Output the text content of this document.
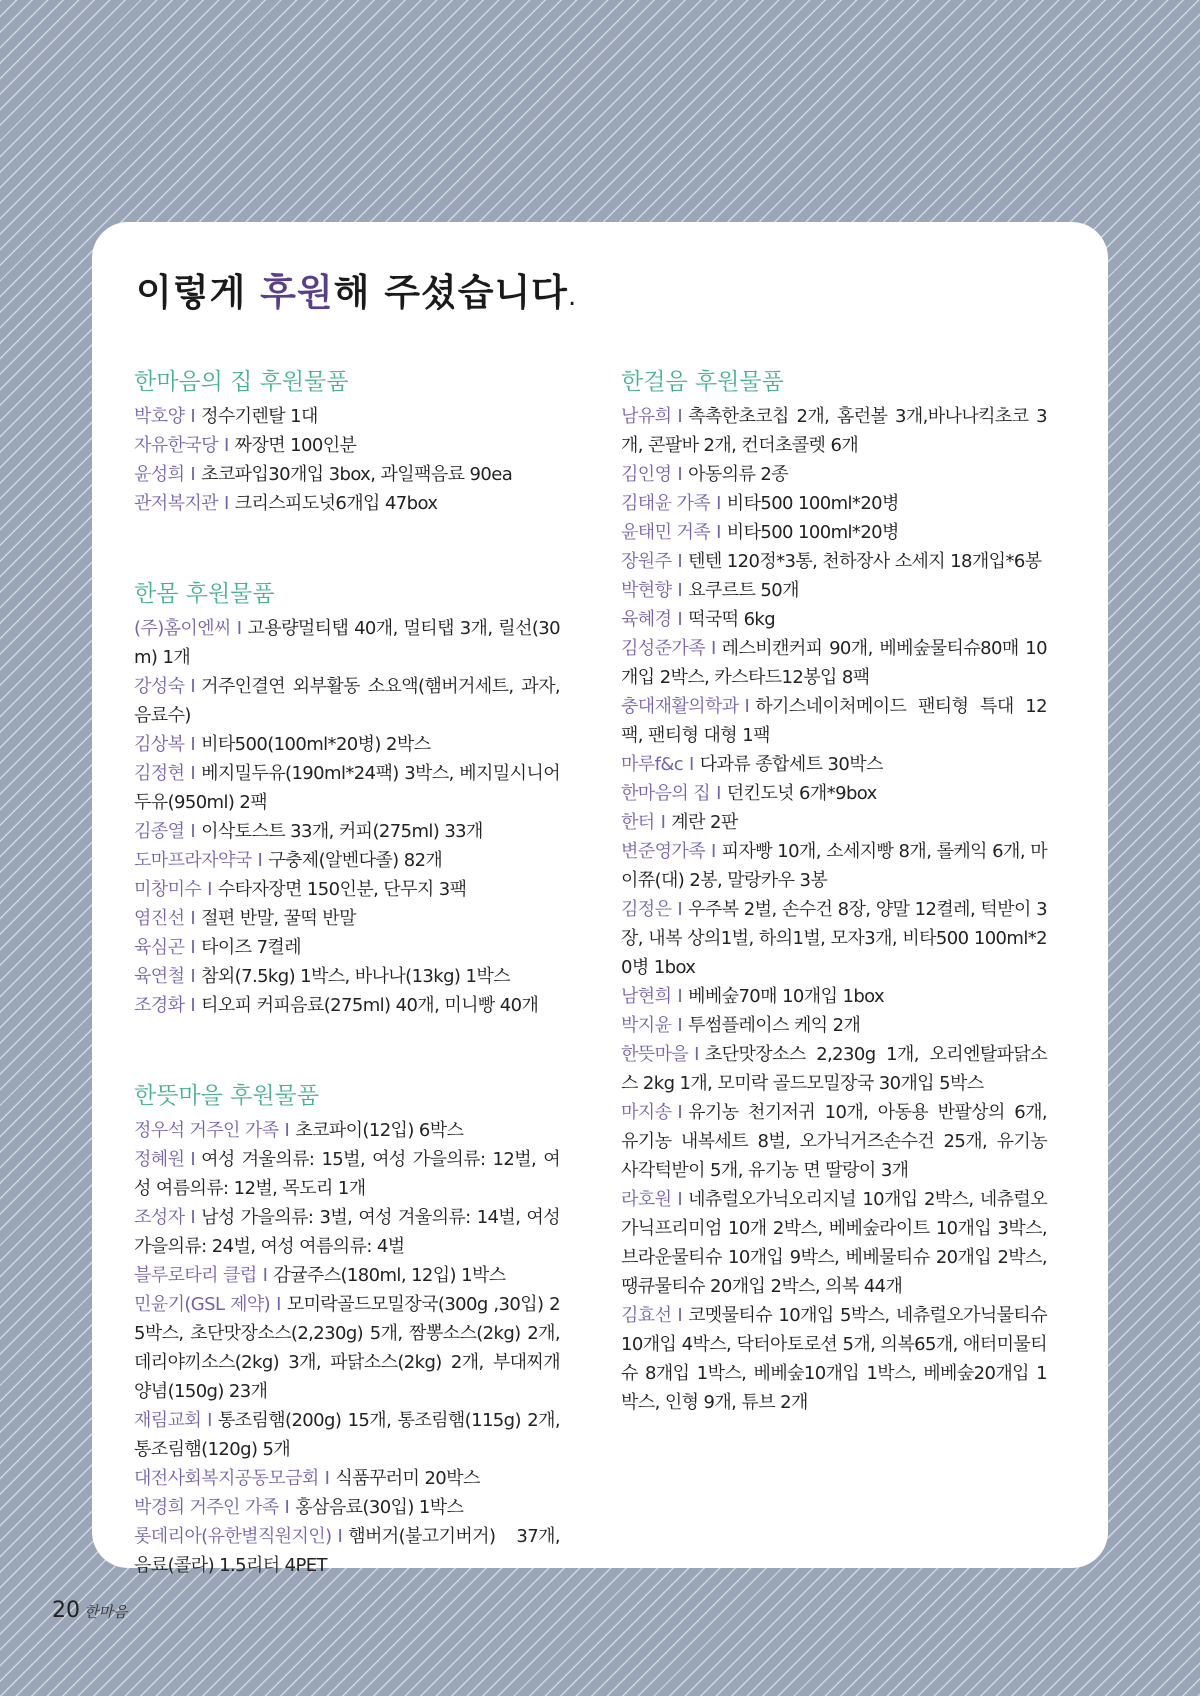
이렇게 후원해 주셨습니다.
한마음의 집 후원물품

박호양 I 정수기렌탈 1대

자유한국당 I 짜장면 100인분

윤성희 I 초코파입30개입 3box, 과일팩음료 90ea

관저복지관 I 크리스피도넛6개입 47box

한몸 후원물품

(주)홈이엔씨 I 고용량멀티탭 40개, 멀티탭 3개, 릴선(30m) 1개

강성숙 I 거주인결연 외부활동 소요액(햄버거세트, 과자, 음료수)

김상복 I 비타500(100ml*20병) 2박스

김정현 I 베지밀두유(190ml*24팩) 3박스, 베지밀시니어두유(950ml) 2팩

김종열 I 이삭토스트 33개, 커피(275ml) 33개

도마프라자약국 I 구충제(알벤다졸) 82개

미창미수 I 수타자장면 150인분, 단무지 3팩

염진선 I 절편 반말, 꿀떡 반말

육심곤 I 타이즈 7켤레

육연철 I 참외(7.5kg) 1박스, 바나나(13kg) 1박스

조경화 I 티오피 커피음료(275ml) 40개, 미니빵 40개

한뜻마을 후원물품

정우석 거주인 가족 I 초코파이(12입) 6박스

정혜원 I 여성 겨울의류: 15벌, 여성 가을의류: 12벌, 여성 여름의류: 12벌, 목도리 1개

조성자 I 남성 가을의류: 3벌, 여성 겨울의류: 14벌, 여성 가을의류: 24벌, 여성 여름의류: 4벌

블루로타리 클럽 I 감귤주스(180ml, 12입) 1박스

민윤기(GSL 제약) I 모미락골드모밀장국(300g ,30입) 25박스, 초단맛장소스(2,230g) 5개, 짬뽕소스(2kg) 2개, 데리야끼소스(2kg) 3개, 파닭소스(2kg) 2개, 부대찌개양념(150g) 23개

재림교회 I 통조림햄(200g) 15개, 통조림햄(115g) 2개, 통조림햄(120g) 5개

대전사회복지공동모금회 I 식품꾸러미 20박스

박경희 거주인 가족 I 홍삼음료(30입) 1박스

롯데리아(유한별직원지인) I 햄버거(불고기버거) 37개, 음료(콜라) 1.5리터 4PET

한걸음 후원물품

남유희 I 촉촉한초코칩 2개, 홈런볼 3개,바나나킥초코 3개, 콘팔바 2개, 컨더초콜렛 6개

김인영 I 아동의류 2종

김태윤 가족 I 비타500 100ml*20병

윤태민 거족 I 비타500 100ml*20병

장원주 I 텐텐 120정*3통, 천하장사 소세지 18개입*6봉

박현향 I 요쿠르트 50개

육혜경 I 떡국떡 6kg

김성준가족 I 레스비캔커피 90개, 베베숲물티슈80매 10개입 2박스, 카스타드12봉입 8팩

충대재활의학과 I 하기스네이처메이드 팬티형 특대 12팩, 팬티형 대형 1팩

마루f&c I 다과류 종합세트 30박스

한마음의 집 I 던킨도넛 6개*9box

한터 I 계란 2판

변준영가족 I 피자빵 10개, 소세지빵 8개, 롤케익 6개, 마이쮸(대) 2봉, 말랑카우 3봉

김정은 I 우주복 2벌, 손수건 8장, 양말 12켤레, 턱받이 3장, 내복 상의1벌, 하의1벌, 모자3개, 비타500 100ml*20병 1box

남현희 I 베베숲70매 10개입 1box

박지윤 I 투썸플레이스 케익 2개

한뜻마을 I 초단맛장소스 2,230g 1개, 오리엔탈파닭소스 2kg 1개, 모미락 골드모밀장국 30개입 5박스

마지송 I 유기농 천기저귀 10개, 아동용 반팔상의 6개, 유기농 내복세트 8벌, 오가닉거즈손수건 25개, 유기농 사각턱받이 5개, 유기농 면 딸랑이 3개

라호원 I 네츄럴오가닉오리지널 10개입 2박스, 네츄럴오가닉프리미엄 10개 2박스, 베베숲라이트 10개입 3박스, 브라운물티슈 10개입 9박스, 베베물티슈 20개입 2박스, 땡큐물티슈 20개입 2박스, 의복 44개

김효선 I 코멧물티슈 10개입 5박스, 네츄럴오가닉물티슈 10개입 4박스, 닥터아토로션 5개, 의복65개, 애터미물티슈 8개입 1박스, 베베숲10개입 1박스, 베베숲20개입 1박스, 인형 9개, 튜브 2개

20 한마음
